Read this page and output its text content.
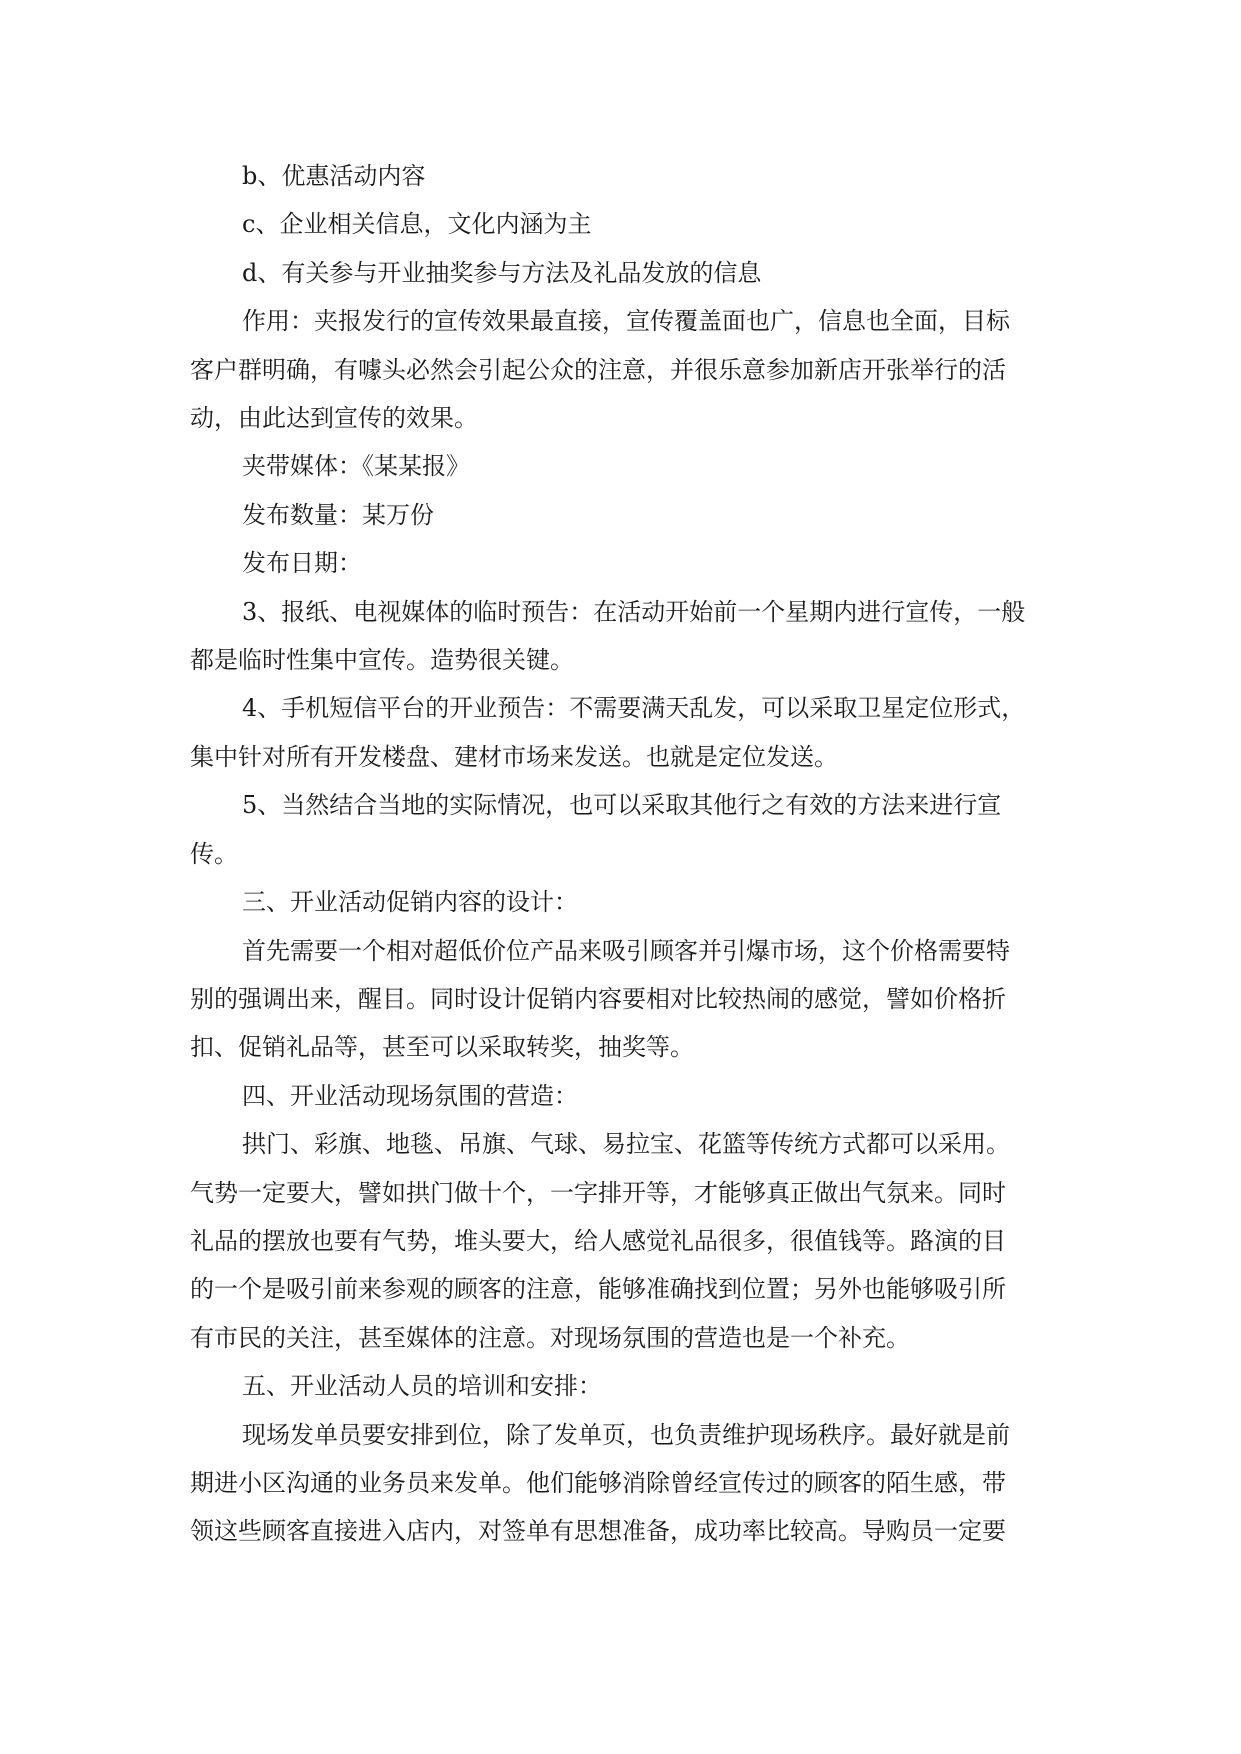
b、优惠活动内容

c、企业相关信息，文化内涵为主

d、有关参与开业抽奖参与方法及礼品发放的信息

作用：夹报发行的宣传效果最直接，宣传覆盖面也广，信息也全面，目标
客户群明确，有噱头必然会引起公众的注意，并很乐意参加新店开张举行的活
动，由此达到宣传的效果。

夹带媒体：《某某报》

发布数量：某万份

发布日期：

3、报纸、电视媒体的临时预告：在活动开始前一个星期内进行宣传，一般
都是临时性集中宣传。造势很关键。

4、手机短信平台的开业预告：不需要满天乱发，可以采取卫星定位形式，
集中针对所有开发楼盘、建材市场来发送。也就是定位发送。

5、当然结合当地的实际情况，也可以采取其他行之有效的方法来进行宣
传。

三、开业活动促销内容的设计：

首先需要一个相对超低价位产品来吸引顾客并引爆市场，这个价格需要特
别的强调出来，醒目。同时设计促销内容要相对比较热闹的感觉，譬如价格折
扣、促销礼品等，甚至可以采取转奖，抽奖等。

四、开业活动现场氛围的营造：

拱门、彩旗、地毯、吊旗、气球、易拉宝、花篮等传统方式都可以采用。
气势一定要大，譬如拱门做十个，一字排开等，才能够真正做出气氛来。同时
礼品的摆放也要有气势，堆头要大，给人感觉礼品很多，很值钱等。路演的目
的一个是吸引前来参观的顾客的注意，能够准确找到位置；另外也能够吸引所
有市民的关注，甚至媒体的注意。对现场氛围的营造也是一个补充。

五、开业活动人员的培训和安排：

现场发单员要安排到位，除了发单页，也负责维护现场秩序。最好就是前
期进小区沟通的业务员来发单。他们能够消除曾经宣传过的顾客的陌生感，带
领这些顾客直接进入店内，对签单有思想准备，成功率比较高。导购员一定要
